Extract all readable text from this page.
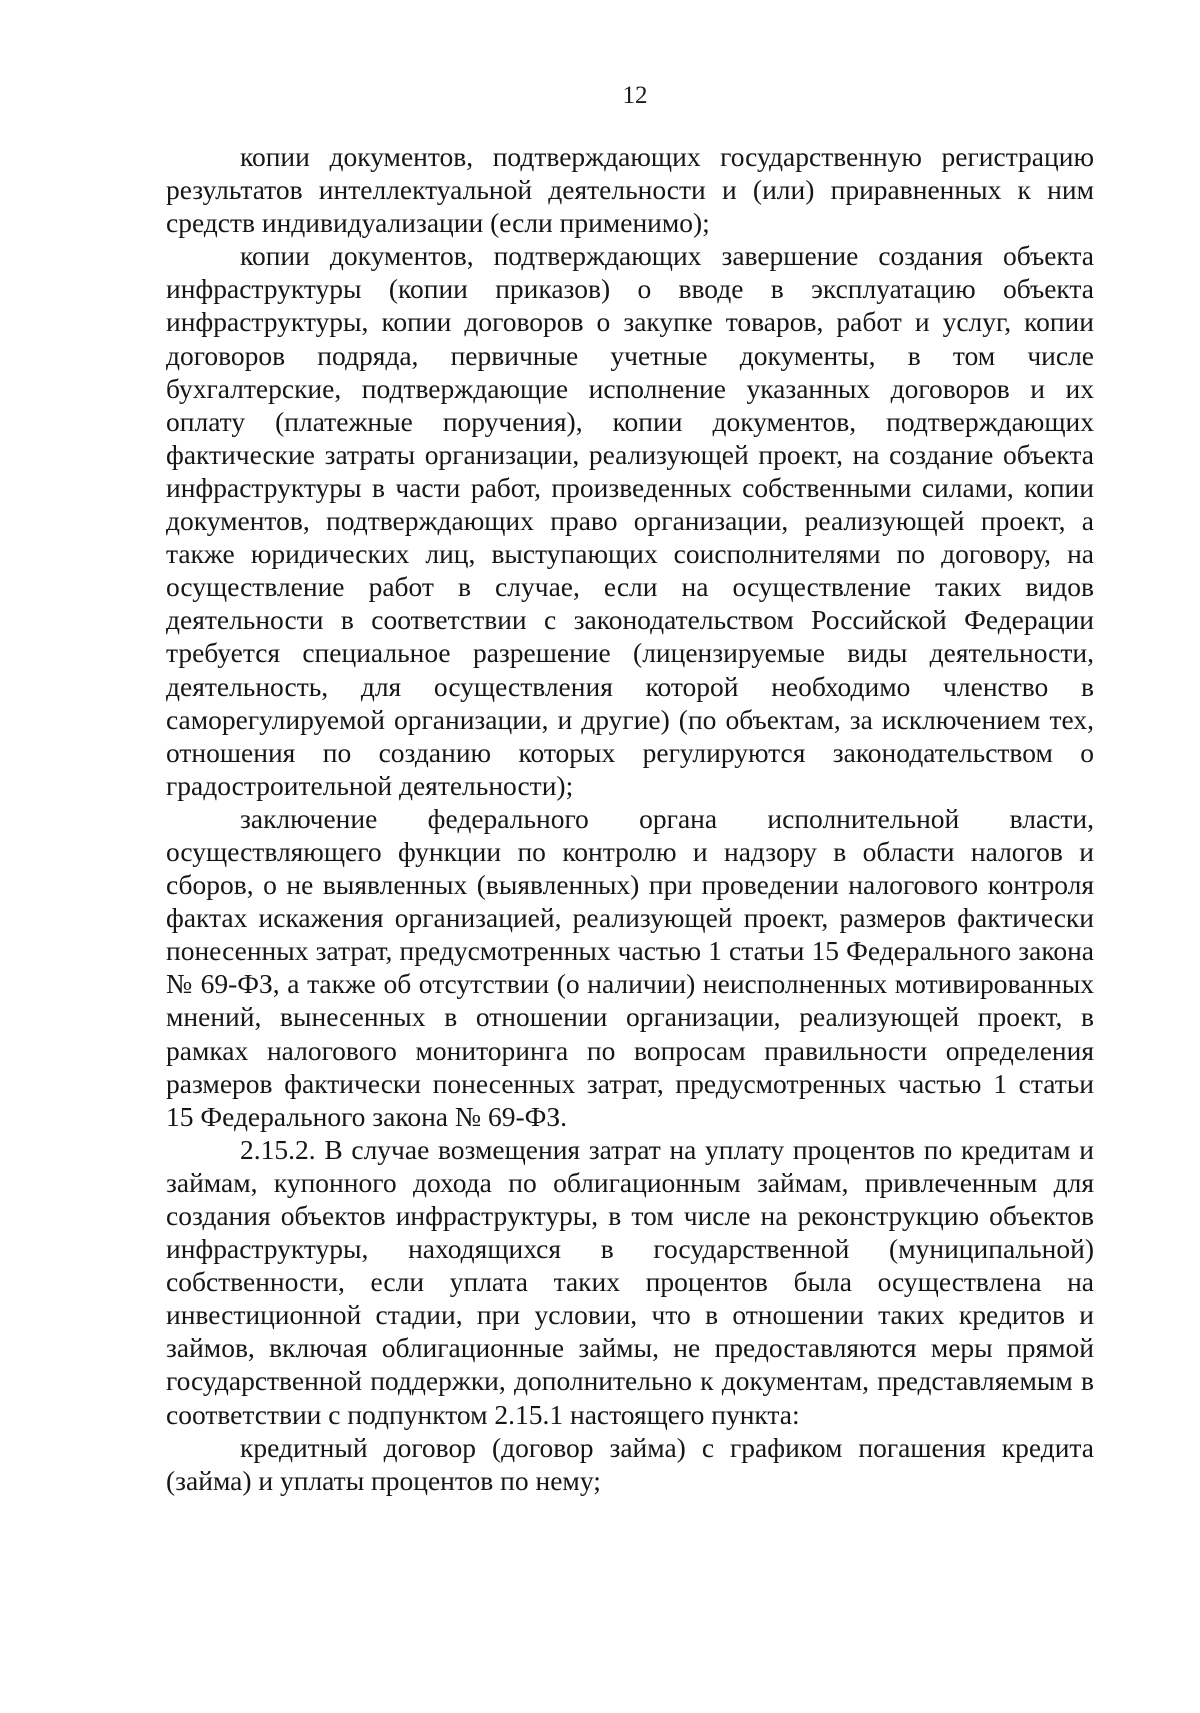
12

копии документов, подтверждающих государственную регистрацию результатов интеллектуальной деятельности и (или) приравненных к ним средств индивидуализации (если применимо);

копии документов, подтверждающих завершение создания объекта инфраструктуры (копии приказов) о вводе в эксплуатацию объекта инфраструктуры, копии договоров о закупке товаров, работ и услуг, копии договоров подряда, первичные учетные документы, в том числе бухгалтерские, подтверждающие исполнение указанных договоров и их оплату (платежные поручения), копии документов, подтверждающих фактические затраты организации, реализующей проект, на создание объекта инфраструктуры в части работ, произведенных собственными силами, копии документов, подтверждающих право организации, реализующей проект, а также юридических лиц, выступающих соисполнителями по договору, на осуществление работ в случае, если на осуществление таких видов деятельности в соответствии с законодательством Российской Федерации требуется специальное разрешение (лицензируемые виды деятельности, деятельность, для осуществления которой необходимо членство в саморегулируемой организации, и другие) (по объектам, за исключением тех, отношения по созданию которых регулируются законодательством о градостроительной деятельности);

заключение федерального органа исполнительной власти, осуществляющего функции по контролю и надзору в области налогов и сборов, о не выявленных (выявленных) при проведении налогового контроля фактах искажения организацией, реализующей проект, размеров фактически понесенных затрат, предусмотренных частью 1 статьи 15 Федерального закона № 69-ФЗ, а также об отсутствии (о наличии) неисполненных мотивированных мнений, вынесенных в отношении организации, реализующей проект, в рамках налогового мониторинга по вопросам правильности определения размеров фактически понесенных затрат, предусмотренных частью 1 статьи 15 Федерального закона № 69-ФЗ.

2.15.2. В случае возмещения затрат на уплату процентов по кредитам и займам, купонного дохода по облигационным займам, привлеченным для создания объектов инфраструктуры, в том числе на реконструкцию объектов инфраструктуры, находящихся в государственной (муниципальной) собственности, если уплата таких процентов была осуществлена на инвестиционной стадии, при условии, что в отношении таких кредитов и займов, включая облигационные займы, не предоставляются меры прямой государственной поддержки, дополнительно к документам, представляемым в соответствии с подпунктом 2.15.1 настоящего пункта:

кредитный договор (договор займа) с графиком погашения кредита (займа) и уплаты процентов по нему;
